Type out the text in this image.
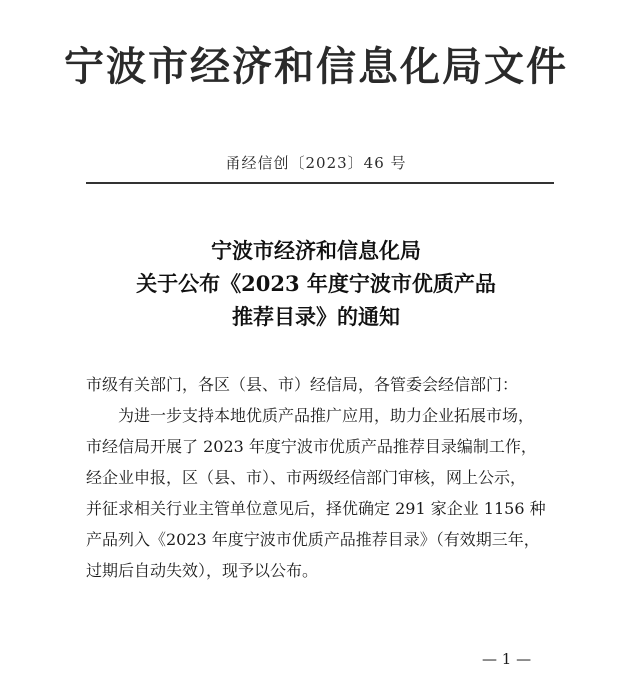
宁波市经济和信息化局文件
甬经信创〔2023〕46 号
宁波市经济和信息化局
关于公布《2023 年度宁波市优质产品
推荐目录》的通知
市级有关部门，各区（县、市）经信局，各管委会经信部门：
为进一步支持本地优质产品推广应用，助力企业拓展市场，
市经信局开展了 2023 年度宁波市优质产品推荐目录编制工作，
经企业申报，区（县、市）、市两级经信部门审核，网上公示，
并征求相关行业主管单位意见后，择优确定 291 家企业 1156 种
产品列入《2023 年度宁波市优质产品推荐目录》（有效期三年，
过期后自动失效），现予以公布。
— 1 —
